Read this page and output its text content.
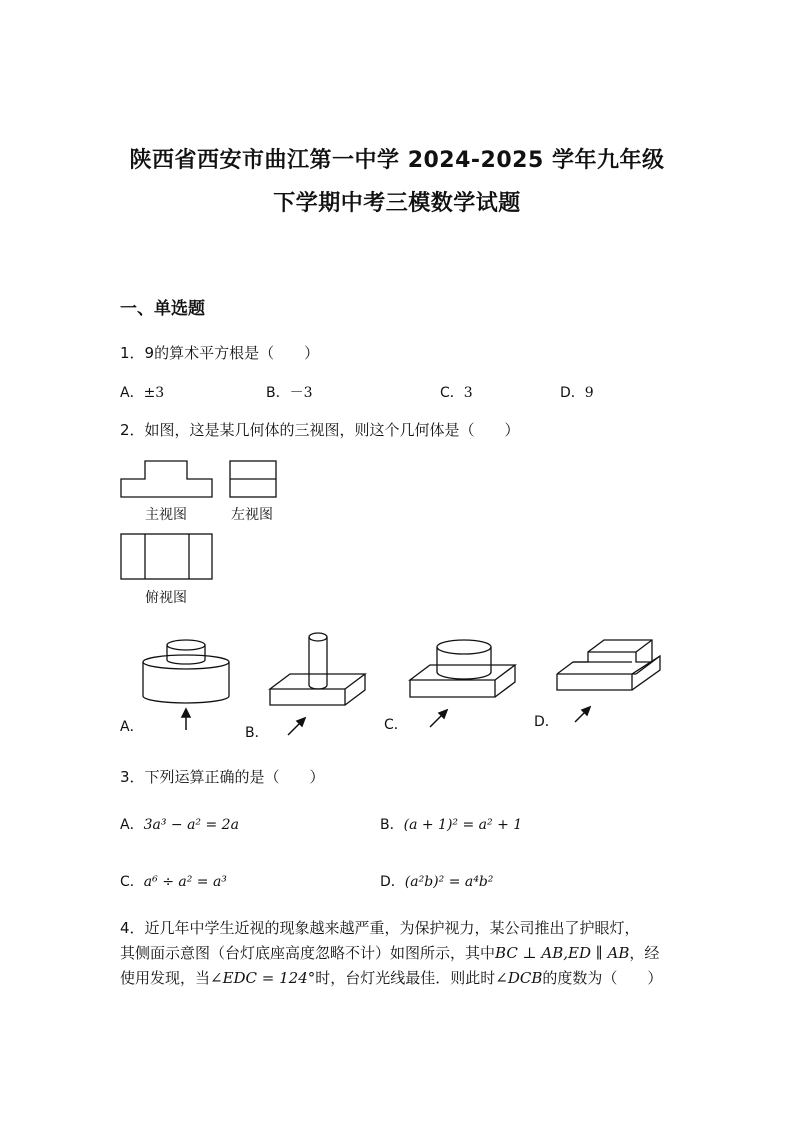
陕西省西安市曲江第一中学 2024-2025 学年九年级
下学期中考三模数学试题
一、单选题
1．9的算术平方根是（　　）
A．±3	B．－3	C．3	D．9
2．如图，这是某几何体的三视图，则这个几何体是（　　）
主视图	左视图
俯视图
A．	B．	C．	D．
3．下列运算正确的是（　　）
A．3a³ − a² = 2a	B．(a + 1)² = a² + 1
C．a⁶ ÷ a² = a³	D．(a²b)² = a⁴b²
4．近几年中学生近视的现象越来越严重，为保护视力，某公司推出了护眼灯，
其侧面示意图（台灯底座高度忽略不计）如图所示，其中BC ⊥ AB,ED ∥ AB，经
使用发现，当∠EDC = 124°时，台灯光线最佳．则此时∠DCB的度数为（　　）
